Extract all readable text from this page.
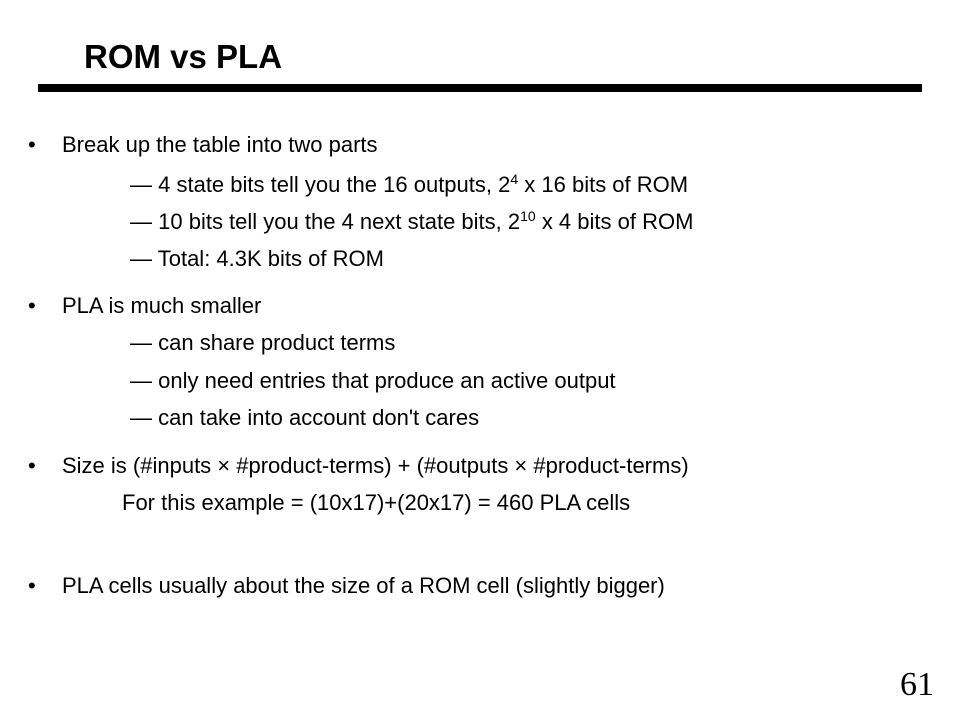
ROM vs PLA
•	Break up the table into two parts
— 4 state bits tell you the 16 outputs, $2^4$ x 16 bits of ROM
— 10 bits tell you the 4 next state bits, $2^{10}$ x 4 bits of ROM
— Total: 4.3K bits of ROM
•	PLA is much smaller
— can share product terms
— only need entries that produce an active output
— can take into account don't cares
•	Size is (#inputs × #product-terms) + (#outputs × #product-terms)
For this example = (10x17)+(20x17) = 460 PLA cells
•	PLA cells usually about the size of a ROM cell (slightly bigger)
61
